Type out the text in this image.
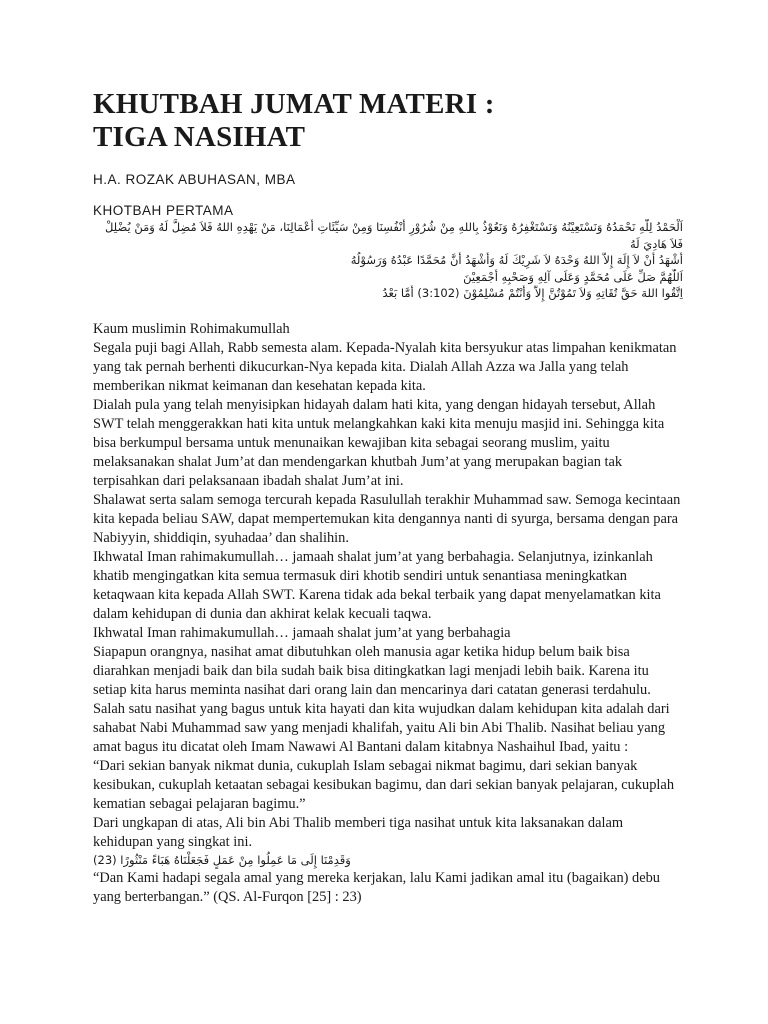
KHUTBAH JUMAT MATERI :
TIGA NASIHAT
H.A. ROZAK ABUHASAN, MBA
KHOTBAH PERTAMA
اَلْحَمْدُ لِلّٰهِ نَحْمَدُهُ وَنَسْتَعِيْنُهُ وَنَسْتَغْفِرُهُ وَنَعُوْذُ بِاللهِ مِنْ شُرُوْرِ أَنْفُسِنَا وَمِنْ سَيِّئَاتِ أَعْمَالِنَا، مَنْ يَهْدِهِ اللهُ فَلاَ مُضِلَّ لَهُ وَمَنْ يُضْلِلْ
فَلاَ هَادِيَ لَهُ
أَشْهَدُ أَنْ لاَ إِلَهَ إِلاَّ اللهُ وَحْدَهُ لاَ شَرِيْكَ لَهُ وَأَشْهَدُ أَنَّ مُحَمَّدًا عَبْدُهُ وَرَسُوْلُهُ
اَللّٰهُمَّ صَلِّ عَلَى مُحَمَّدٍ وَعَلَى آلِهِ وَصَحْبِهِ أَجْمَعِيْنَ
اِتَّقُوا اللهَ حَقَّ تُقَاتِهِ وَلاَ تَمُوْتُنَّ إِلاَّ وَأَنْتُمْ مُسْلِمُوْنَ (3:102) أَمَّا بَعْدُ

Kaum muslimin Rohimakumullah

Segala puji bagi Allah, Rabb semesta alam. Kepada-Nyalah kita bersyukur atas limpahan kenikmatan yang tak pernah berhenti dikucurkan-Nya kepada kita. Dialah Allah Azza wa Jalla yang telah memberikan nikmat keimanan dan kesehatan kepada kita.

Dialah pula yang telah menyisipkan hidayah dalam hati kita, yang dengan hidayah tersebut, Allah SWT telah menggerakkan hati kita untuk melangkahkan kaki kita menuju masjid ini. Sehingga kita bisa berkumpul bersama untuk menunaikan kewajiban kita sebagai seorang muslim, yaitu melaksanakan shalat Jum’at dan mendengarkan khutbah Jum’at yang merupakan bagian tak terpisahkan dari pelaksanaan ibadah shalat Jum’at ini.

Shalawat serta salam semoga tercurah kepada Rasulullah terakhir Muhammad saw. Semoga kecintaan kita kepada beliau SAW, dapat mempertemukan kita dengannya nanti di syurga, bersama dengan para Nabiyyin, shiddiqin, syuhadaa’ dan shalihin.

Ikhwatal Iman rahimakumullah… jamaah shalat jum’at yang berbahagia. Selanjutnya, izinkanlah khatib mengingatkan kita semua termasuk diri khotib sendiri untuk senantiasa meningkatkan ketaqwaan kita kepada Allah SWT. Karena tidak ada bekal terbaik yang dapat menyelamatkan kita dalam kehidupan di dunia dan akhirat kelak kecuali taqwa.

Ikhwatal Iman rahimakumullah… jamaah shalat jum’at yang berbahagia

Siapapun orangnya, nasihat amat dibutuhkan oleh manusia agar ketika hidup belum baik bisa diarahkan menjadi baik dan bila sudah baik bisa ditingkatkan lagi menjadi lebih baik. Karena itu setiap kita harus meminta nasihat dari orang lain dan mencarinya dari catatan generasi terdahulu.

Salah satu nasihat yang bagus untuk kita hayati dan kita wujudkan dalam kehidupan kita adalah dari sahabat Nabi Muhammad saw yang menjadi khalifah, yaitu Ali bin Abi Thalib. Nasihat beliau yang amat bagus itu dicatat oleh Imam Nawawi Al Bantani dalam kitabnya Nashaihul Ibad, yaitu :

“Dari sekian banyak nikmat dunia, cukuplah Islam sebagai nikmat bagimu, dari sekian banyak kesibukan, cukuplah ketaatan sebagai kesibukan bagimu, dan dari sekian banyak pelajaran, cukuplah kematian sebagai pelajaran bagimu.”

Dari ungkapan di atas, Ali bin Abi Thalib memberi tiga nasihat untuk kita laksanakan dalam kehidupan yang singkat ini.

وَقَدِمْنَا إِلَى مَا عَمِلُوا مِنْ عَمَلٍ فَجَعَلْنَاهُ هَبَاءً مَنْثُورًا (23)

“Dan Kami hadapi segala amal yang mereka kerjakan, lalu Kami jadikan amal itu (bagaikan) debu yang berterbangan.” (QS. Al-Furqon [25] : 23)
